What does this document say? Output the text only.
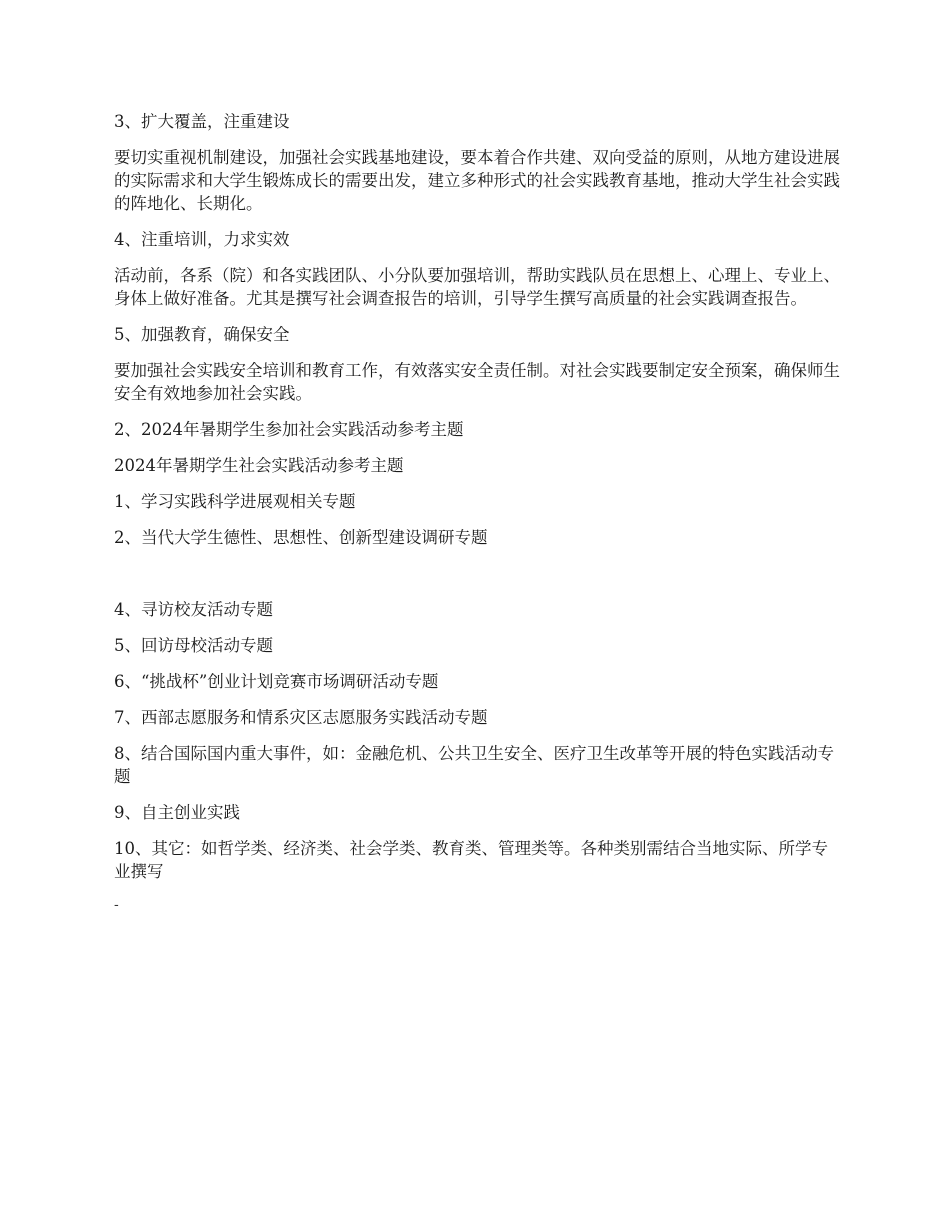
3、扩大覆盖，注重建设

要切实重视机制建设，加强社会实践基地建设，要本着合作共建、双向受益的原则，从地方建设进展的实际需求和大学生锻炼成长的需要出发，建立多种形式的社会实践教育基地，推动大学生社会实践的阵地化、长期化。

4、注重培训，力求实效

活动前，各系（院）和各实践团队、小分队要加强培训，帮助实践队员在思想上、心理上、专业上、身体上做好准备。尤其是撰写社会调查报告的培训，引导学生撰写高质量的社会实践调查报告。

5、加强教育，确保安全

要加强社会实践安全培训和教育工作，有效落实安全责任制。对社会实践要制定安全预案，确保师生安全有效地参加社会实践。

2、2024年暑期学生参加社会实践活动参考主题

2024年暑期学生社会实践活动参考主题

1、学习实践科学进展观相关专题

2、当代大学生德性、思想性、创新型建设调研专题

4、寻访校友活动专题

5、回访母校活动专题

6、“挑战杯”创业计划竞赛市场调研活动专题

7、西部志愿服务和情系灾区志愿服务实践活动专题

8、结合国际国内重大事件，如：金融危机、公共卫生安全、医疗卫生改革等开展的特色实践活动专题

9、自主创业实践

10、其它：如哲学类、经济类、社会学类、教育类、管理类等。各种类别需结合当地实际、所学专业撰写

-
